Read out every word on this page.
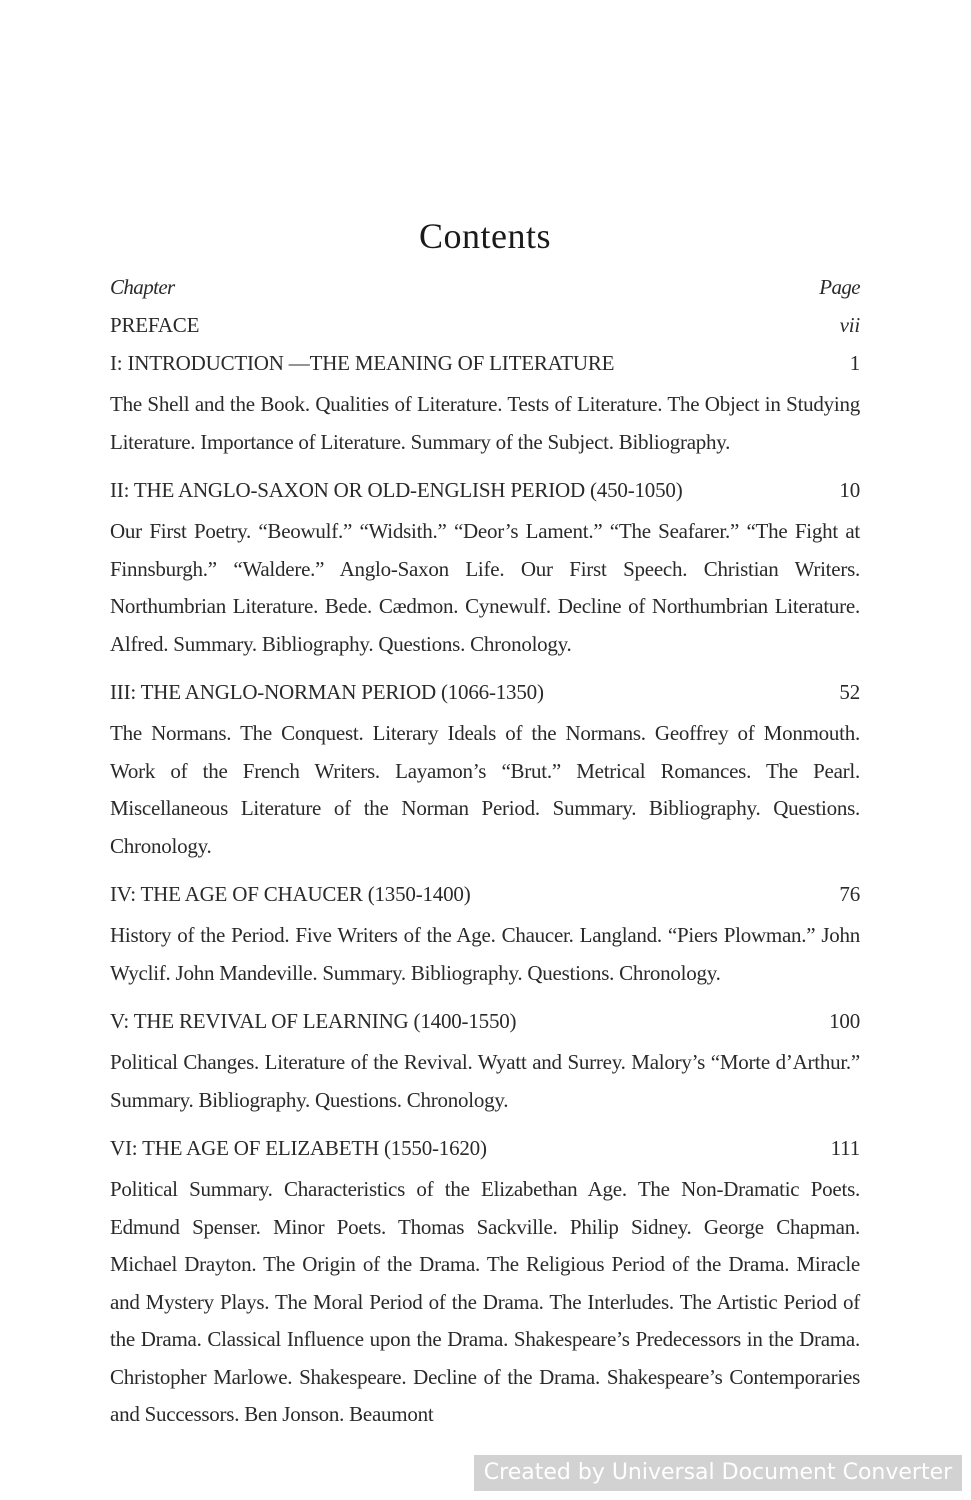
Contents
Chapter	Page
PREFACE	vii
I: INTRODUCTION —THE MEANING OF LITERATURE	1
The Shell and the Book. Qualities of Literature. Tests of Literature. The Object in Studying Literature. Importance of Literature. Summary of the Subject. Bibliography.
II: THE ANGLO-SAXON OR OLD-ENGLISH PERIOD (450-1050)	10
Our First Poetry. “Beowulf.” “Widsith.” “Deor’s Lament.” “The Seafarer.” “The Fight at Finnsburgh.” “Waldere.” Anglo-Saxon Life. Our First Speech. Christian Writers. Northumbrian Literature. Bede. Cædmon. Cynewulf. Decline of Northumbrian Literature. Alfred. Summary. Bibliography. Questions. Chronology.
III: THE ANGLO-NORMAN PERIOD (1066-1350)	52
The Normans. The Conquest. Literary Ideals of the Normans. Geoffrey of Monmouth. Work of the French Writers. Layamon’s “Brut.” Metrical Romances. The Pearl. Miscellaneous Literature of the Norman Period. Summary. Bibliography. Questions. Chronology.
IV: THE AGE OF CHAUCER (1350-1400)	76
History of the Period. Five Writers of the Age. Chaucer. Langland. “Piers Plowman.” John Wyclif. John Mandeville. Summary. Bibliography. Questions. Chronology.
V: THE REVIVAL OF LEARNING (1400-1550)	100
Political Changes. Literature of the Revival. Wyatt and Surrey. Malory’s “Morte d’Arthur.” Summary. Bibliography. Questions. Chronology.
VI: THE AGE OF ELIZABETH (1550-1620)	111
Political Summary. Characteristics of the Elizabethan Age. The Non-Dramatic Poets. Edmund Spenser. Minor Poets. Thomas Sackville. Philip Sidney. George Chapman. Michael Drayton. The Origin of the Drama. The Religious Period of the Drama. Miracle and Mystery Plays. The Moral Period of the Drama. The Interludes. The Artistic Period of the Drama. Classical Influence upon the Drama. Shakespeare’s Predecessors in the Drama. Christopher Marlowe. Shakespeare. Decline of the Drama. Shakespeare’s Contemporaries and Successors. Ben Jonson. Beaumont
Created by Universal Document Converter
